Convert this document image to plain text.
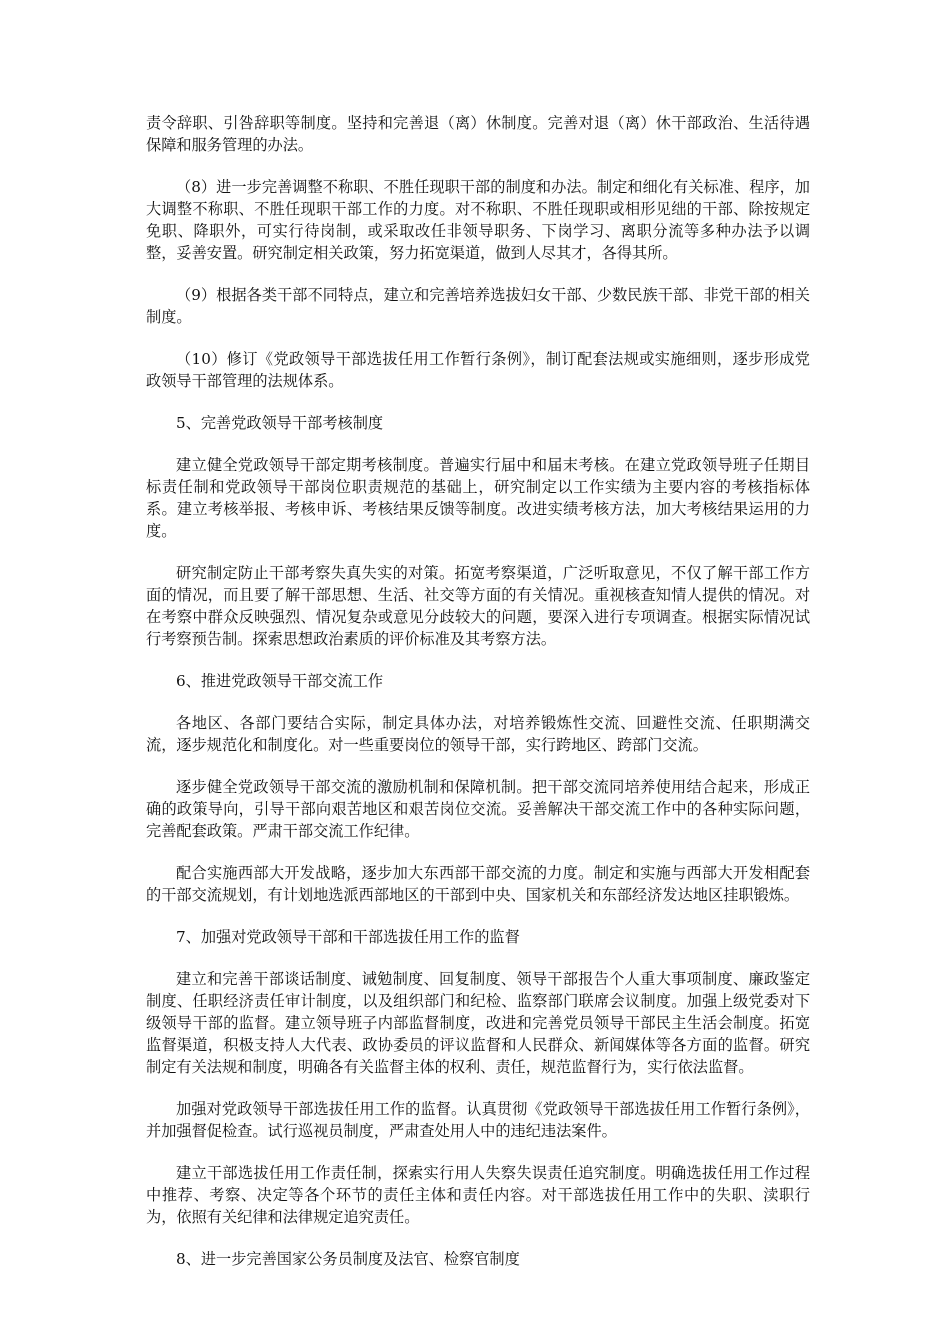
责令辞职、引咎辞职等制度。坚持和完善退（离）休制度。完善对退（离）休干部政治、生活待遇保障和服务管理的办法。

（8）进一步完善调整不称职、不胜任现职干部的制度和办法。制定和细化有关标准、程序，加大调整不称职、不胜任现职干部工作的力度。对不称职、不胜任现职或相形见绌的干部、除按规定免职、降职外，可实行待岗制，或采取改任非领导职务、下岗学习、离职分流等多种办法予以调整，妥善安置。研究制定相关政策，努力拓宽渠道，做到人尽其才，各得其所。

（9）根据各类干部不同特点，建立和完善培养选拔妇女干部、少数民族干部、非党干部的相关制度。

（10）修订《党政领导干部选拔任用工作暂行条例》，制订配套法规或实施细则，逐步形成党政领导干部管理的法规体系。

5、完善党政领导干部考核制度

建立健全党政领导干部定期考核制度。普遍实行届中和届末考核。在建立党政领导班子任期目标责任制和党政领导干部岗位职责规范的基础上，研究制定以工作实绩为主要内容的考核指标体系。建立考核举报、考核申诉、考核结果反馈等制度。改进实绩考核方法，加大考核结果运用的力度。

研究制定防止干部考察失真失实的对策。拓宽考察渠道，广泛听取意见，不仅了解干部工作方面的情况，而且要了解干部思想、生活、社交等方面的有关情况。重视核查知情人提供的情况。对在考察中群众反映强烈、情况复杂或意见分歧较大的问题，要深入进行专项调查。根据实际情况试行考察预告制。探索思想政治素质的评价标准及其考察方法。

6、推进党政领导干部交流工作

各地区、各部门要结合实际，制定具体办法，对培养锻炼性交流、回避性交流、任职期满交流，逐步规范化和制度化。对一些重要岗位的领导干部，实行跨地区、跨部门交流。

逐步健全党政领导干部交流的激励机制和保障机制。把干部交流同培养使用结合起来，形成正确的政策导向，引导干部向艰苦地区和艰苦岗位交流。妥善解决干部交流工作中的各种实际问题，完善配套政策。严肃干部交流工作纪律。

配合实施西部大开发战略，逐步加大东西部干部交流的力度。制定和实施与西部大开发相配套的干部交流规划，有计划地选派西部地区的干部到中央、国家机关和东部经济发达地区挂职锻炼。

7、加强对党政领导干部和干部选拔任用工作的监督

建立和完善干部谈话制度、诫勉制度、回复制度、领导干部报告个人重大事项制度、廉政鉴定制度、任职经济责任审计制度，以及组织部门和纪检、监察部门联席会议制度。加强上级党委对下级领导干部的监督。建立领导班子内部监督制度，改进和完善党员领导干部民主生活会制度。拓宽监督渠道，积极支持人大代表、政协委员的评议监督和人民群众、新闻媒体等各方面的监督。研究制定有关法规和制度，明确各有关监督主体的权利、责任，规范监督行为，实行依法监督。

加强对党政领导干部选拔任用工作的监督。认真贯彻《党政领导干部选拔任用工作暂行条例》，并加强督促检查。试行巡视员制度，严肃查处用人中的违纪违法案件。

建立干部选拔任用工作责任制，探索实行用人失察失误责任追究制度。明确选拔任用工作过程中推荐、考察、决定等各个环节的责任主体和责任内容。对干部选拔任用工作中的失职、渎职行为，依照有关纪律和法律规定追究责任。

8、进一步完善国家公务员制度及法官、检察官制度
